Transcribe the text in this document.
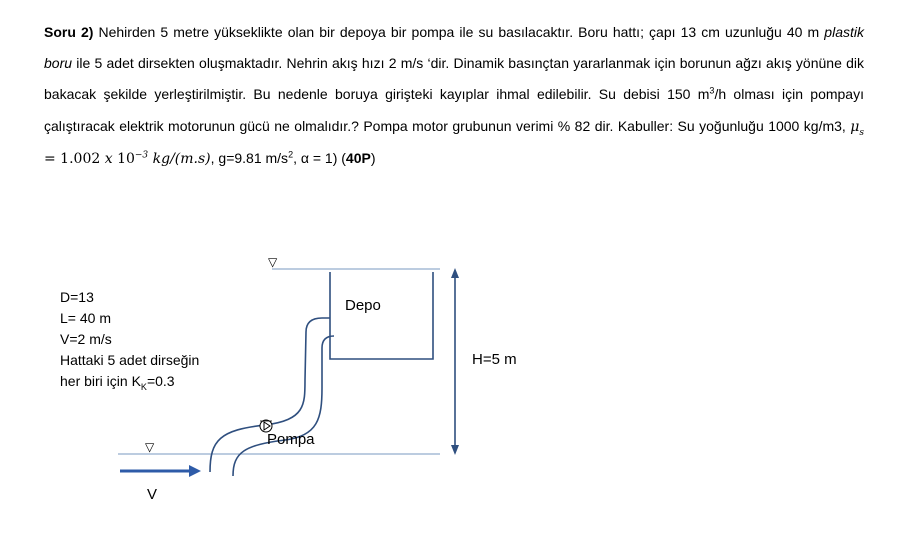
Soru 2) Nehirden 5 metre yükseklikte olan bir depoya bir pompa ile su basılacaktır. Boru hattı; çapı 13 cm uzunluğu 40 m plastik boru ile 5 adet dirsekten oluşmaktadır. Nehrin akış hızı 2 m/s ‘dir. Dinamik basınçtan yararlanmak için borunun ağzı akış yönüne dik bakacak şekilde yerleştirilmiştir. Bu nedenle boruya girişteki kayıplar ihmal edilebilir. Su debisi 150 $m^3/h$ olması için pompayı çalıştıracak elektrik motorunun gücü ne olmalıdır.? Pompa motor grubunun verimi % 82 dir. Kabuller: Su yoğunluğu 1000 kg/m3, $\mu_s = 1.002$ x $10^{-3}$ kg/(m.s), g=9.81 $m/s^2$, α = 1) (40P)
▽
▽
D=13
L= 40 m
V=2 m/s
Hattaki 5 adet dirseğin
her biri için $K_K=0.3$
Depo
H=5 m
Pompa
V
